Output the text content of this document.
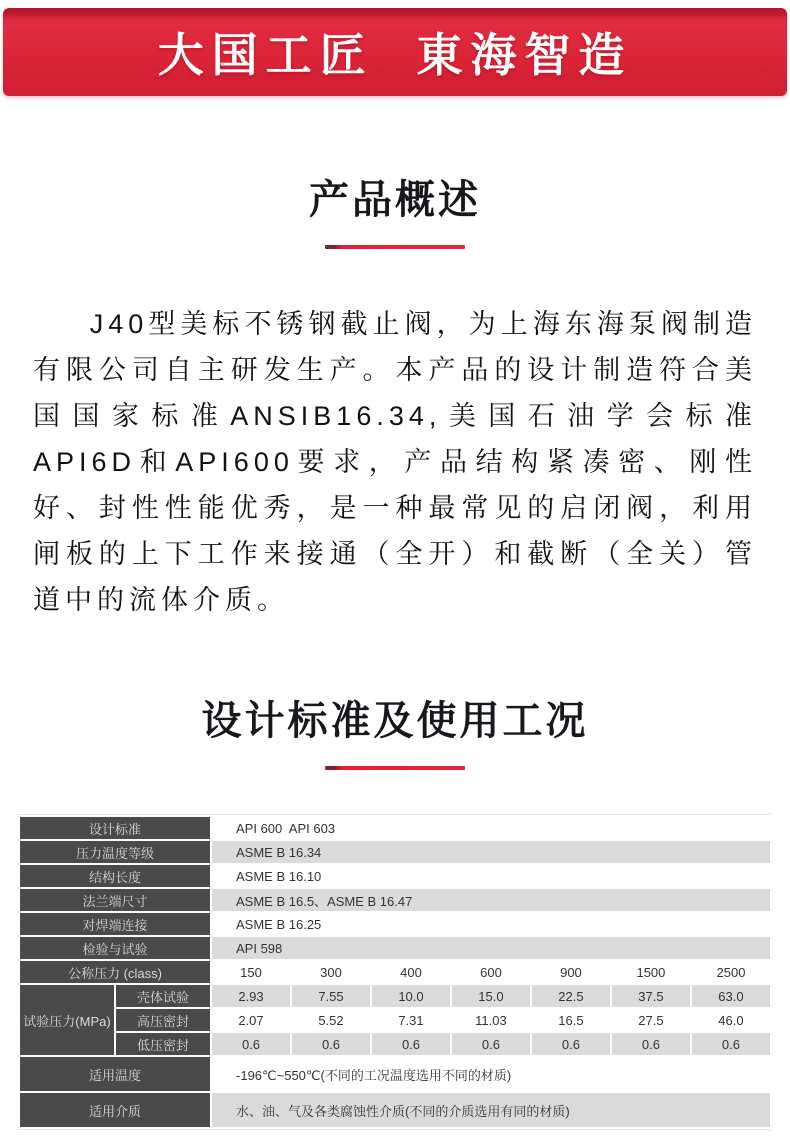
大国工匠 東海智造
产品概述

J40型美标不锈钢截止阀，为上海东海泵阀制造有限公司自主研发生产。本产品的设计制造符合美国国家标准ANSIB16.34,美国石油学会标准API6D和API600要求，产品结构紧凑密、刚性好、封性性能优秀，是一种最常见的启闭阀，利用闸板的上下工作来接通（全开）和截断（全关）管道中的流体介质。

设计标准及使用工况
设计标准		API 600  API 603						
压力温度等级		ASME B 16.34						
结构长度		ASME B 16.10						
法兰端尺寸		ASME B 16.5、ASME B 16.47						
对焊端连接		ASME B 16.25						
检验与试验		API 598						
公称压力 (class)		150	300	400	600	900	1500	2500
试验压力(MPa)	壳体试验	2.93	7.55	10.0	15.0	22.5	37.5	63.0
	高压密封	2.07	5.52	7.31	11.03	16.5	27.5	46.0
	低压密封	0.6	0.6	0.6	0.6	0.6	0.6	0.6
适用温度		-196℃~550℃(不同的工况温度选用不同的材质)						
适用介质		水、油、气及各类腐蚀性介质(不同的介质选用有同的材质)						
